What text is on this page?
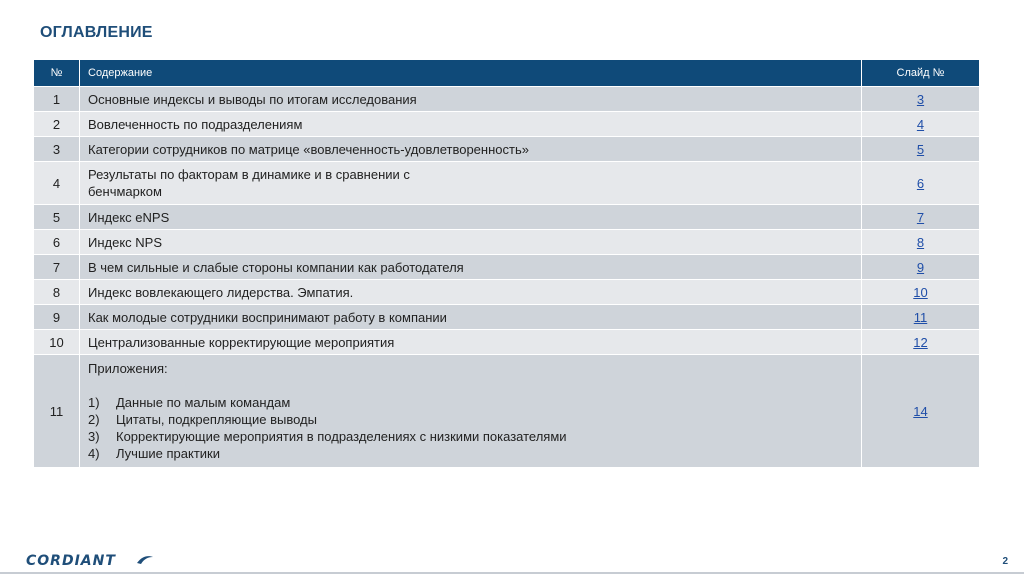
ОГЛАВЛЕНИЕ
№	Содержание	Слайд №
1	Основные индексы и выводы по итогам исследования	3
2	Вовлеченность по подразделениям	4
3	Категории сотрудников по матрице «вовлеченность-удовлетворенность»	5
4	Результаты по факторам в динамике и в сравнении с
бенчмарком	6
5	Индекс eNPS	7
6	Индекс NPS	8
7	В чем сильные и слабые стороны компании как работодателя	9
8	Индекс вовлекающего лидерства. Эмпатия.	10
9	Как молодые сотрудники воспринимают работу в компании	11
10	Централизованные корректирующие мероприятия	12
11	Приложения:
1) Данные по малым командам
2) Цитаты, подкрепляющие выводы
3) Корректирующие мероприятия в подразделениях с низкими показателями
4) Лучшие практики	14
CORDIANT	2
